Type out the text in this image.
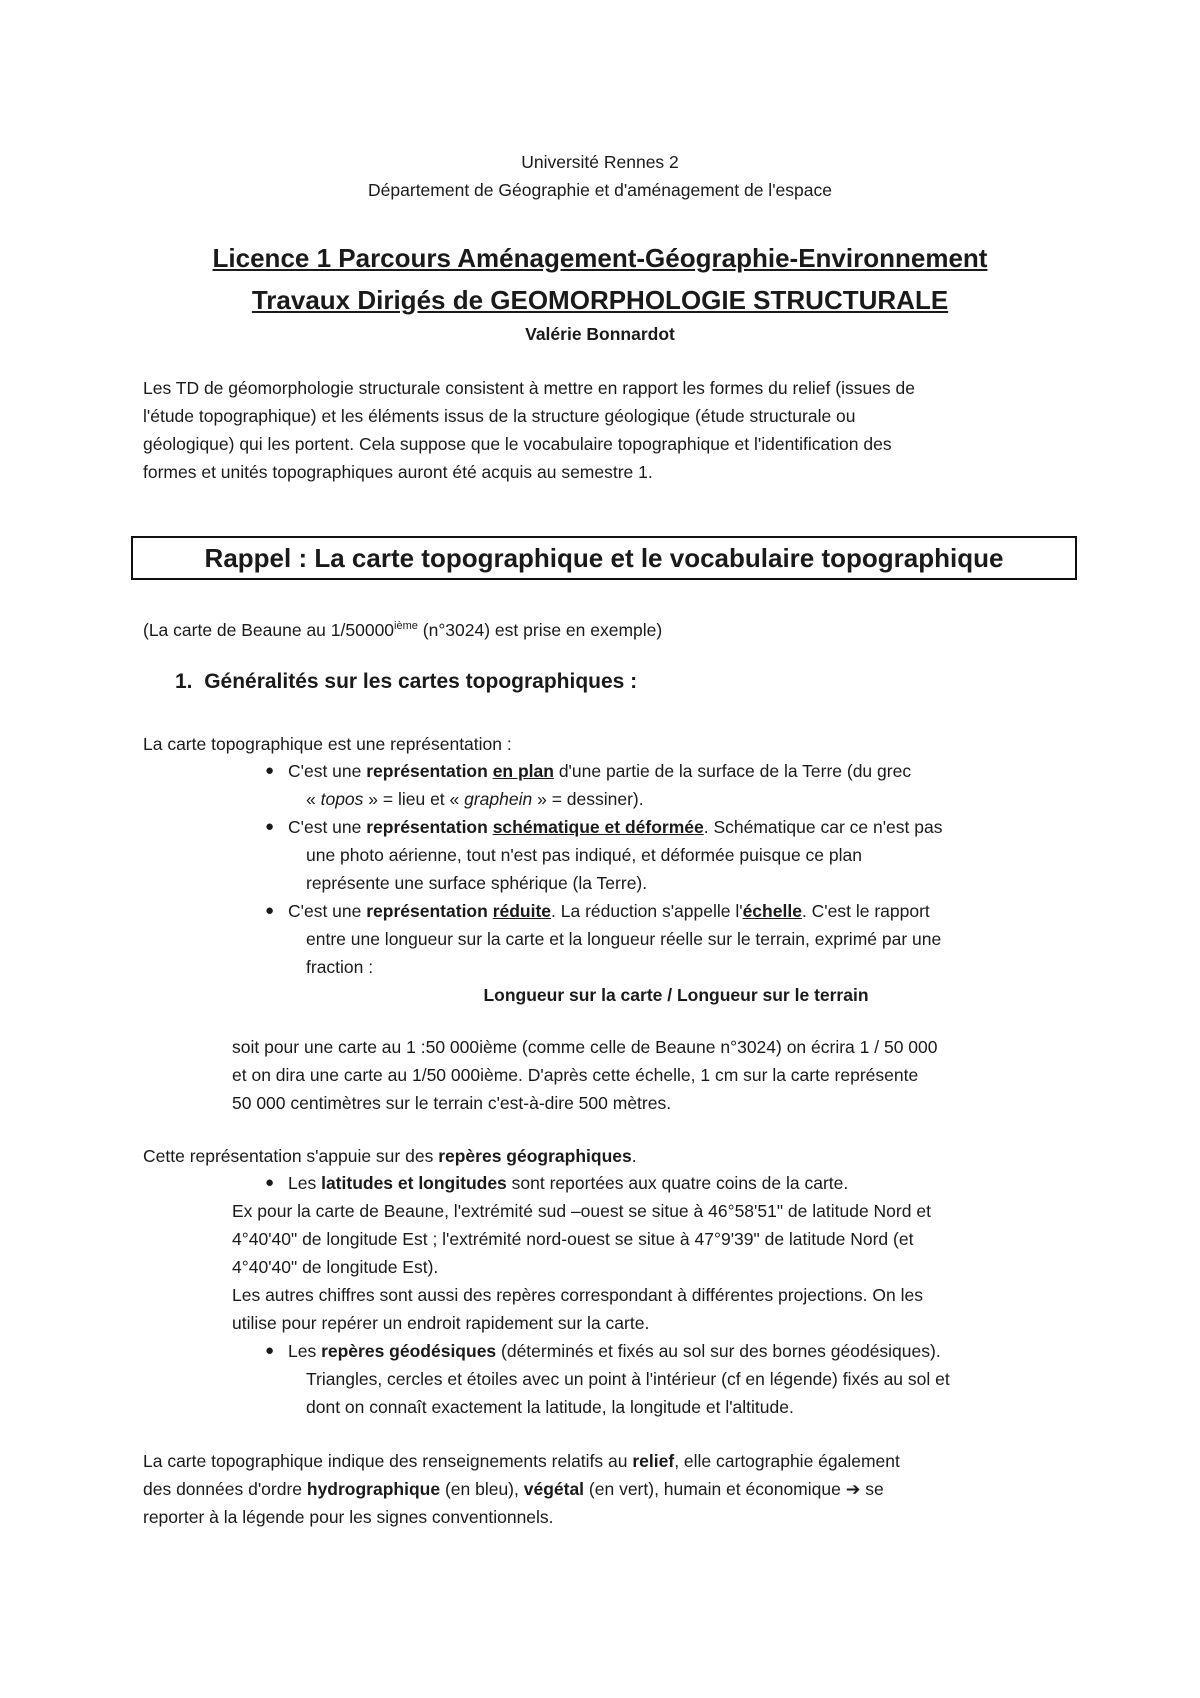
Université Rennes 2
Département de Géographie et d'aménagement de l'espace
Licence 1 Parcours Aménagement-Géographie-Environnement
Travaux Dirigés de GEOMORPHOLOGIE STRUCTURALE
Valérie Bonnardot
Les TD de géomorphologie structurale consistent à mettre en rapport les formes du relief (issues de
l'étude topographique) et les éléments issus de la structure géologique (étude structurale ou
géologique) qui les portent. Cela suppose que le vocabulaire topographique et l'identification des
formes et unités topographiques auront été acquis au semestre 1.
Rappel : La carte topographique et le vocabulaire topographique
(La carte de Beaune au 1/50000ième (n°3024) est prise en exemple)
1. Généralités sur les cartes topographiques :
La carte topographique est une représentation :
● C'est une représentation en plan d'une partie de la surface de la Terre (du grec
« topos » = lieu et « graphein » = dessiner).
● C'est une représentation schématique et déformée. Schématique car ce n'est pas
une photo aérienne, tout n'est pas indiqué, et déformée puisque ce plan
représente une surface sphérique (la Terre).
● C'est une représentation réduite. La réduction s'appelle l'échelle. C'est le rapport
entre une longueur sur la carte et la longueur réelle sur le terrain, exprimé par une
fraction :
Longueur sur la carte / Longueur sur le terrain
soit pour une carte au 1 :50 000ième (comme celle de Beaune n°3024) on écrira 1 / 50 000
et on dira une carte au 1/50 000ième. D'après cette échelle, 1 cm sur la carte représente
50 000 centimètres sur le terrain c'est-à-dire 500 mètres.
Cette représentation s'appuie sur des repères géographiques.
● Les latitudes et longitudes sont reportées aux quatre coins de la carte.
Ex pour la carte de Beaune, l'extrémité sud –ouest se situe à 46°58'51" de latitude Nord et
4°40'40" de longitude Est ; l'extrémité nord-ouest se situe à 47°9'39" de latitude Nord (et
4°40'40" de longitude Est).
Les autres chiffres sont aussi des repères correspondant à différentes projections. On les
utilise pour repérer un endroit rapidement sur la carte.
● Les repères géodésiques (déterminés et fixés au sol sur des bornes géodésiques).
Triangles, cercles et étoiles avec un point à l'intérieur (cf en légende) fixés au sol et
dont on connaît exactement la latitude, la longitude et l'altitude.
La carte topographique indique des renseignements relatifs au relief, elle cartographie également
des données d'ordre hydrographique (en bleu), végétal (en vert), humain et économique ➔ se
reporter à la légende pour les signes conventionnels.
